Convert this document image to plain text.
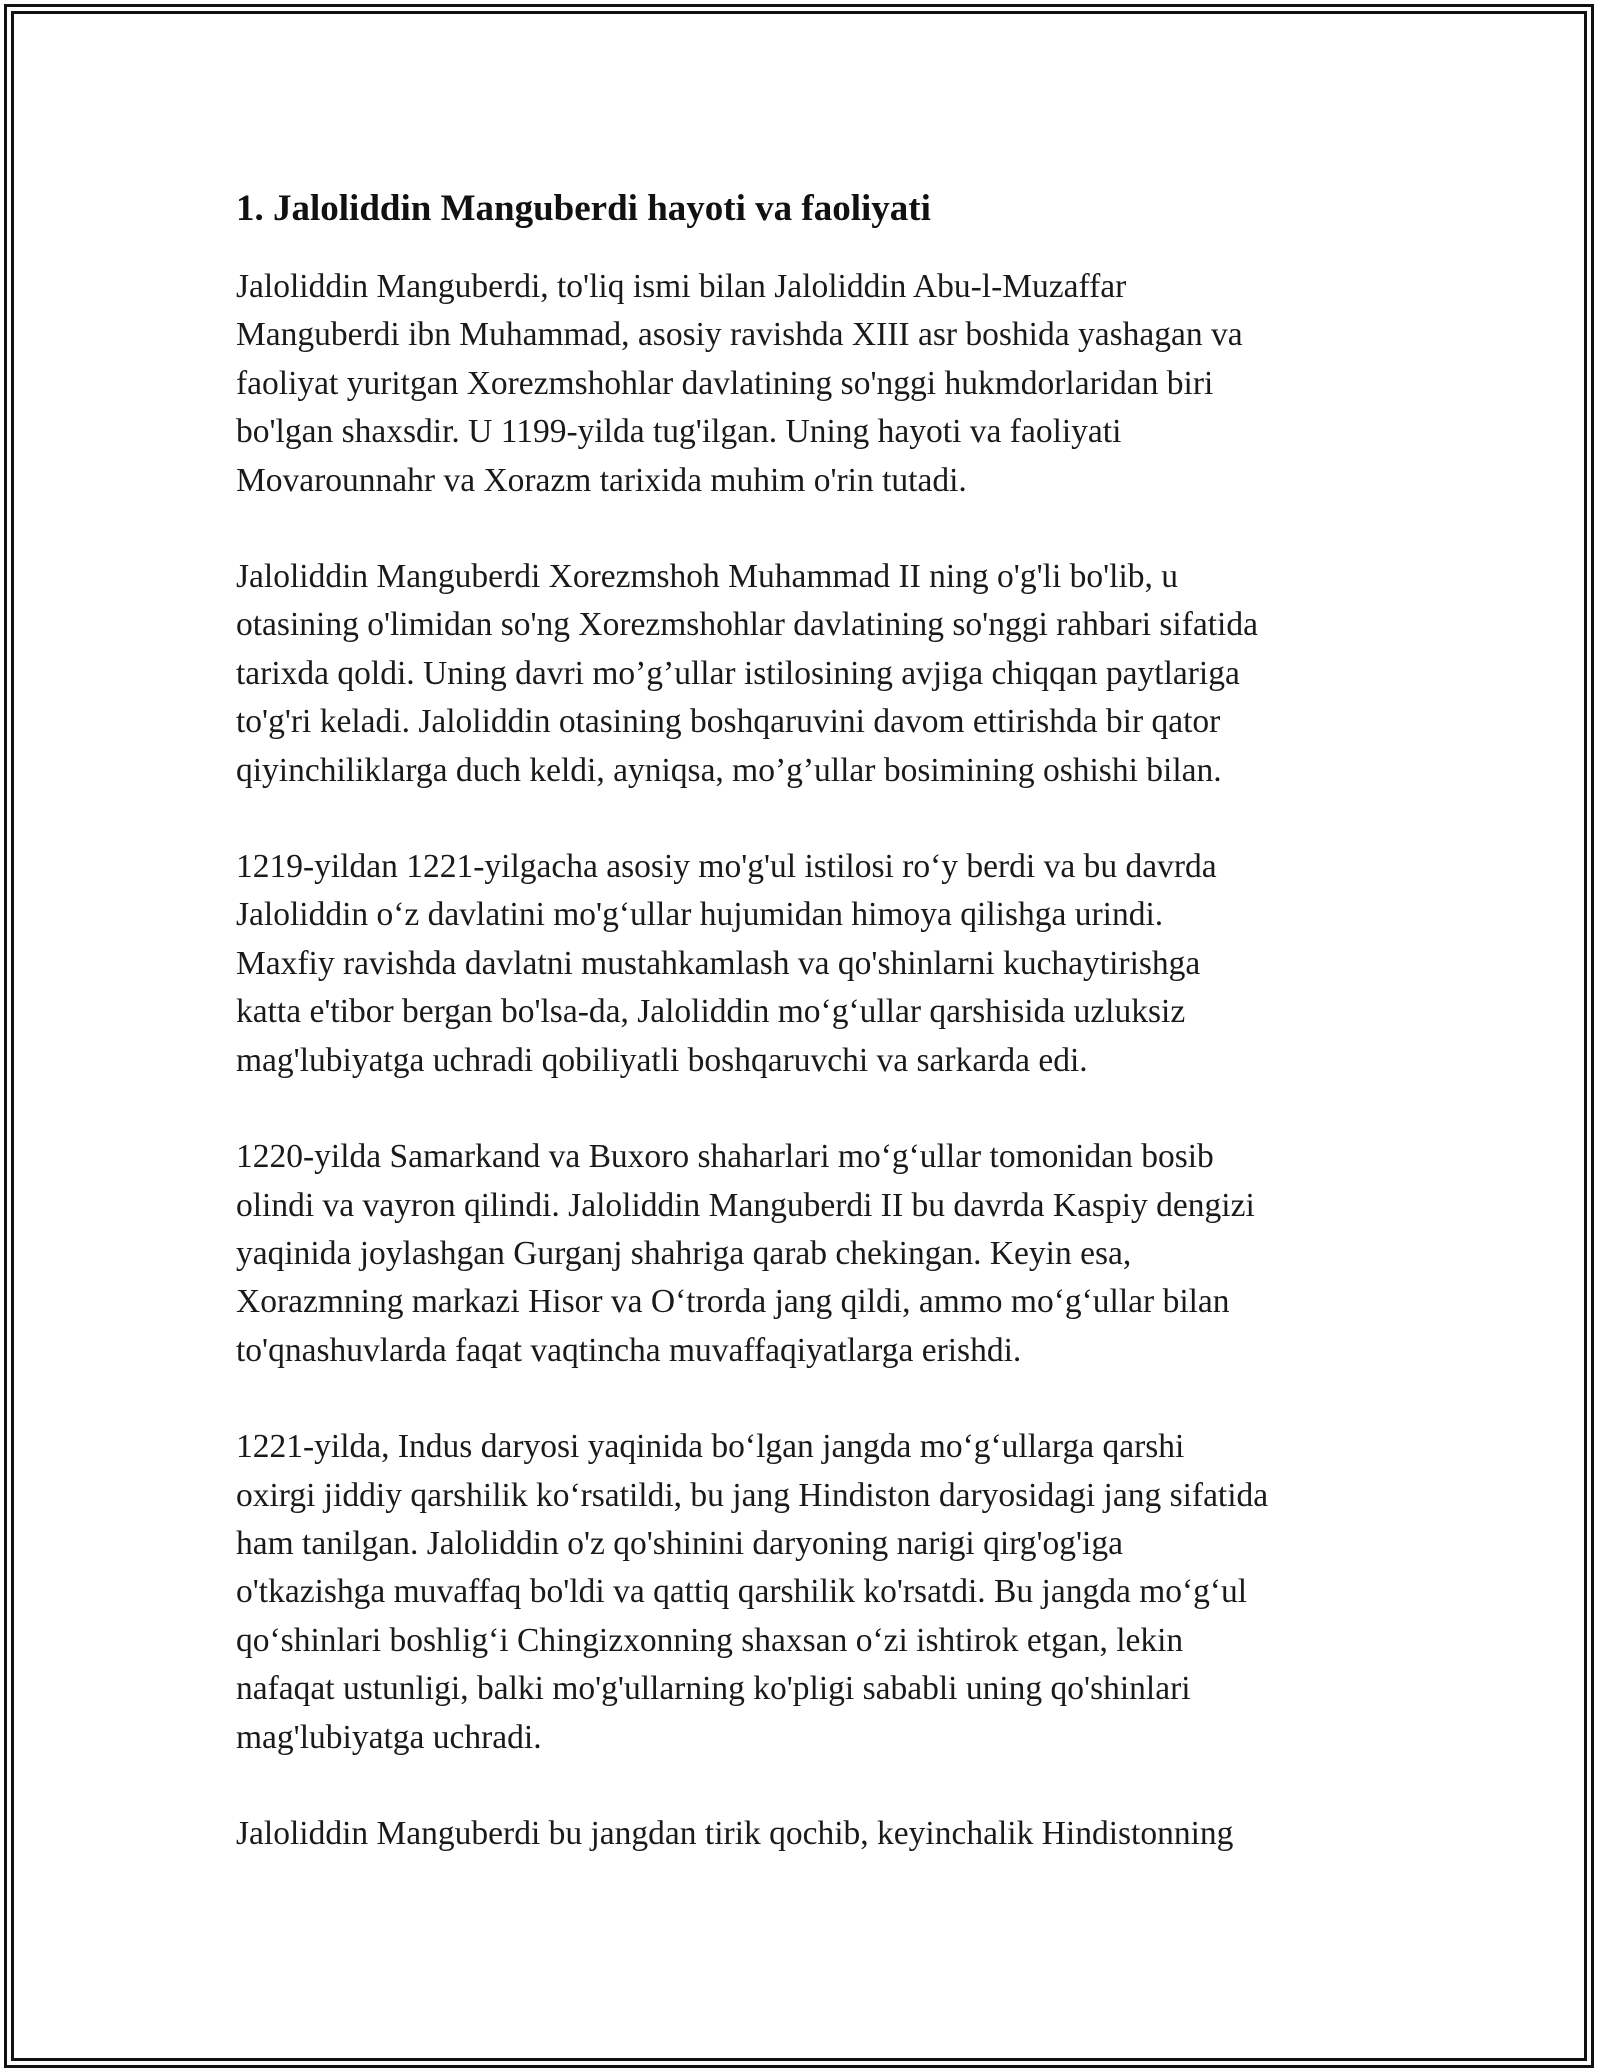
1. Jaloliddin Manguberdi hayoti va faoliyati

Jaloliddin Manguberdi, to'liq ismi bilan Jaloliddin Abu-l-Muzaffar
Manguberdi ibn Muhammad, asosiy ravishda XIII asr boshida yashagan va
faoliyat yuritgan Xorezmshohlar davlatining so'nggi hukmdorlaridan biri
bo'lgan shaxsdir. U 1199-yilda tug'ilgan. Uning hayoti va faoliyati
Movarounnahr va Xorazm tarixida muhim o'rin tutadi.

Jaloliddin Manguberdi Xorezmshoh Muhammad II ning o'g'li bo'lib, u
otasining o'limidan so'ng Xorezmshohlar davlatining so'nggi rahbari sifatida
tarixda qoldi. Uning davri mo’g’ullar istilosining avjiga chiqqan paytlariga
to'g'ri keladi. Jaloliddin otasining boshqaruvini davom ettirishda bir qator
qiyinchiliklarga duch keldi, ayniqsa, mo’g’ullar bosimining oshishi bilan.

1219-yildan 1221-yilgacha asosiy mo'g'ul istilosi ro‘y berdi va bu davrda
Jaloliddin o‘z davlatini mo'g‘ullar hujumidan himoya qilishga urindi.
Maxfiy ravishda davlatni mustahkamlash va qo'shinlarni kuchaytirishga
katta e'tibor bergan bo'lsa-da, Jaloliddin mo‘g‘ullar qarshisida uzluksiz
mag'lubiyatga uchradi qobiliyatli boshqaruvchi va sarkarda edi.

1220-yilda Samarkand va Buxoro shaharlari mo‘g‘ullar tomonidan bosib
olindi va vayron qilindi. Jaloliddin Manguberdi II bu davrda Kaspiy dengizi
yaqinida joylashgan Gurganj shahriga qarab chekingan. Keyin esa,
Xorazmning markazi Hisor va O‘trorda jang qildi, ammo mo‘g‘ullar bilan
to'qnashuvlarda faqat vaqtincha muvaffaqiyatlarga erishdi.

1221-yilda, Indus daryosi yaqinida bo‘lgan jangda mo‘g‘ullarga qarshi
oxirgi jiddiy qarshilik ko‘rsatildi, bu jang Hindiston daryosidagi jang sifatida
ham tanilgan. Jaloliddin o'z qo'shinini daryoning narigi qirg'og'iga
o'tkazishga muvaffaq bo'ldi va qattiq qarshilik ko'rsatdi. Bu jangda mo‘g‘ul
qo‘shinlari boshlig‘i Chingizxonning shaxsan o‘zi ishtirok etgan, lekin
nafaqat ustunligi, balki mo'g'ullarning ko'pligi sababli uning qo'shinlari
mag'lubiyatga uchradi.

Jaloliddin Manguberdi bu jangdan tirik qochib, keyinchalik Hindistonning
